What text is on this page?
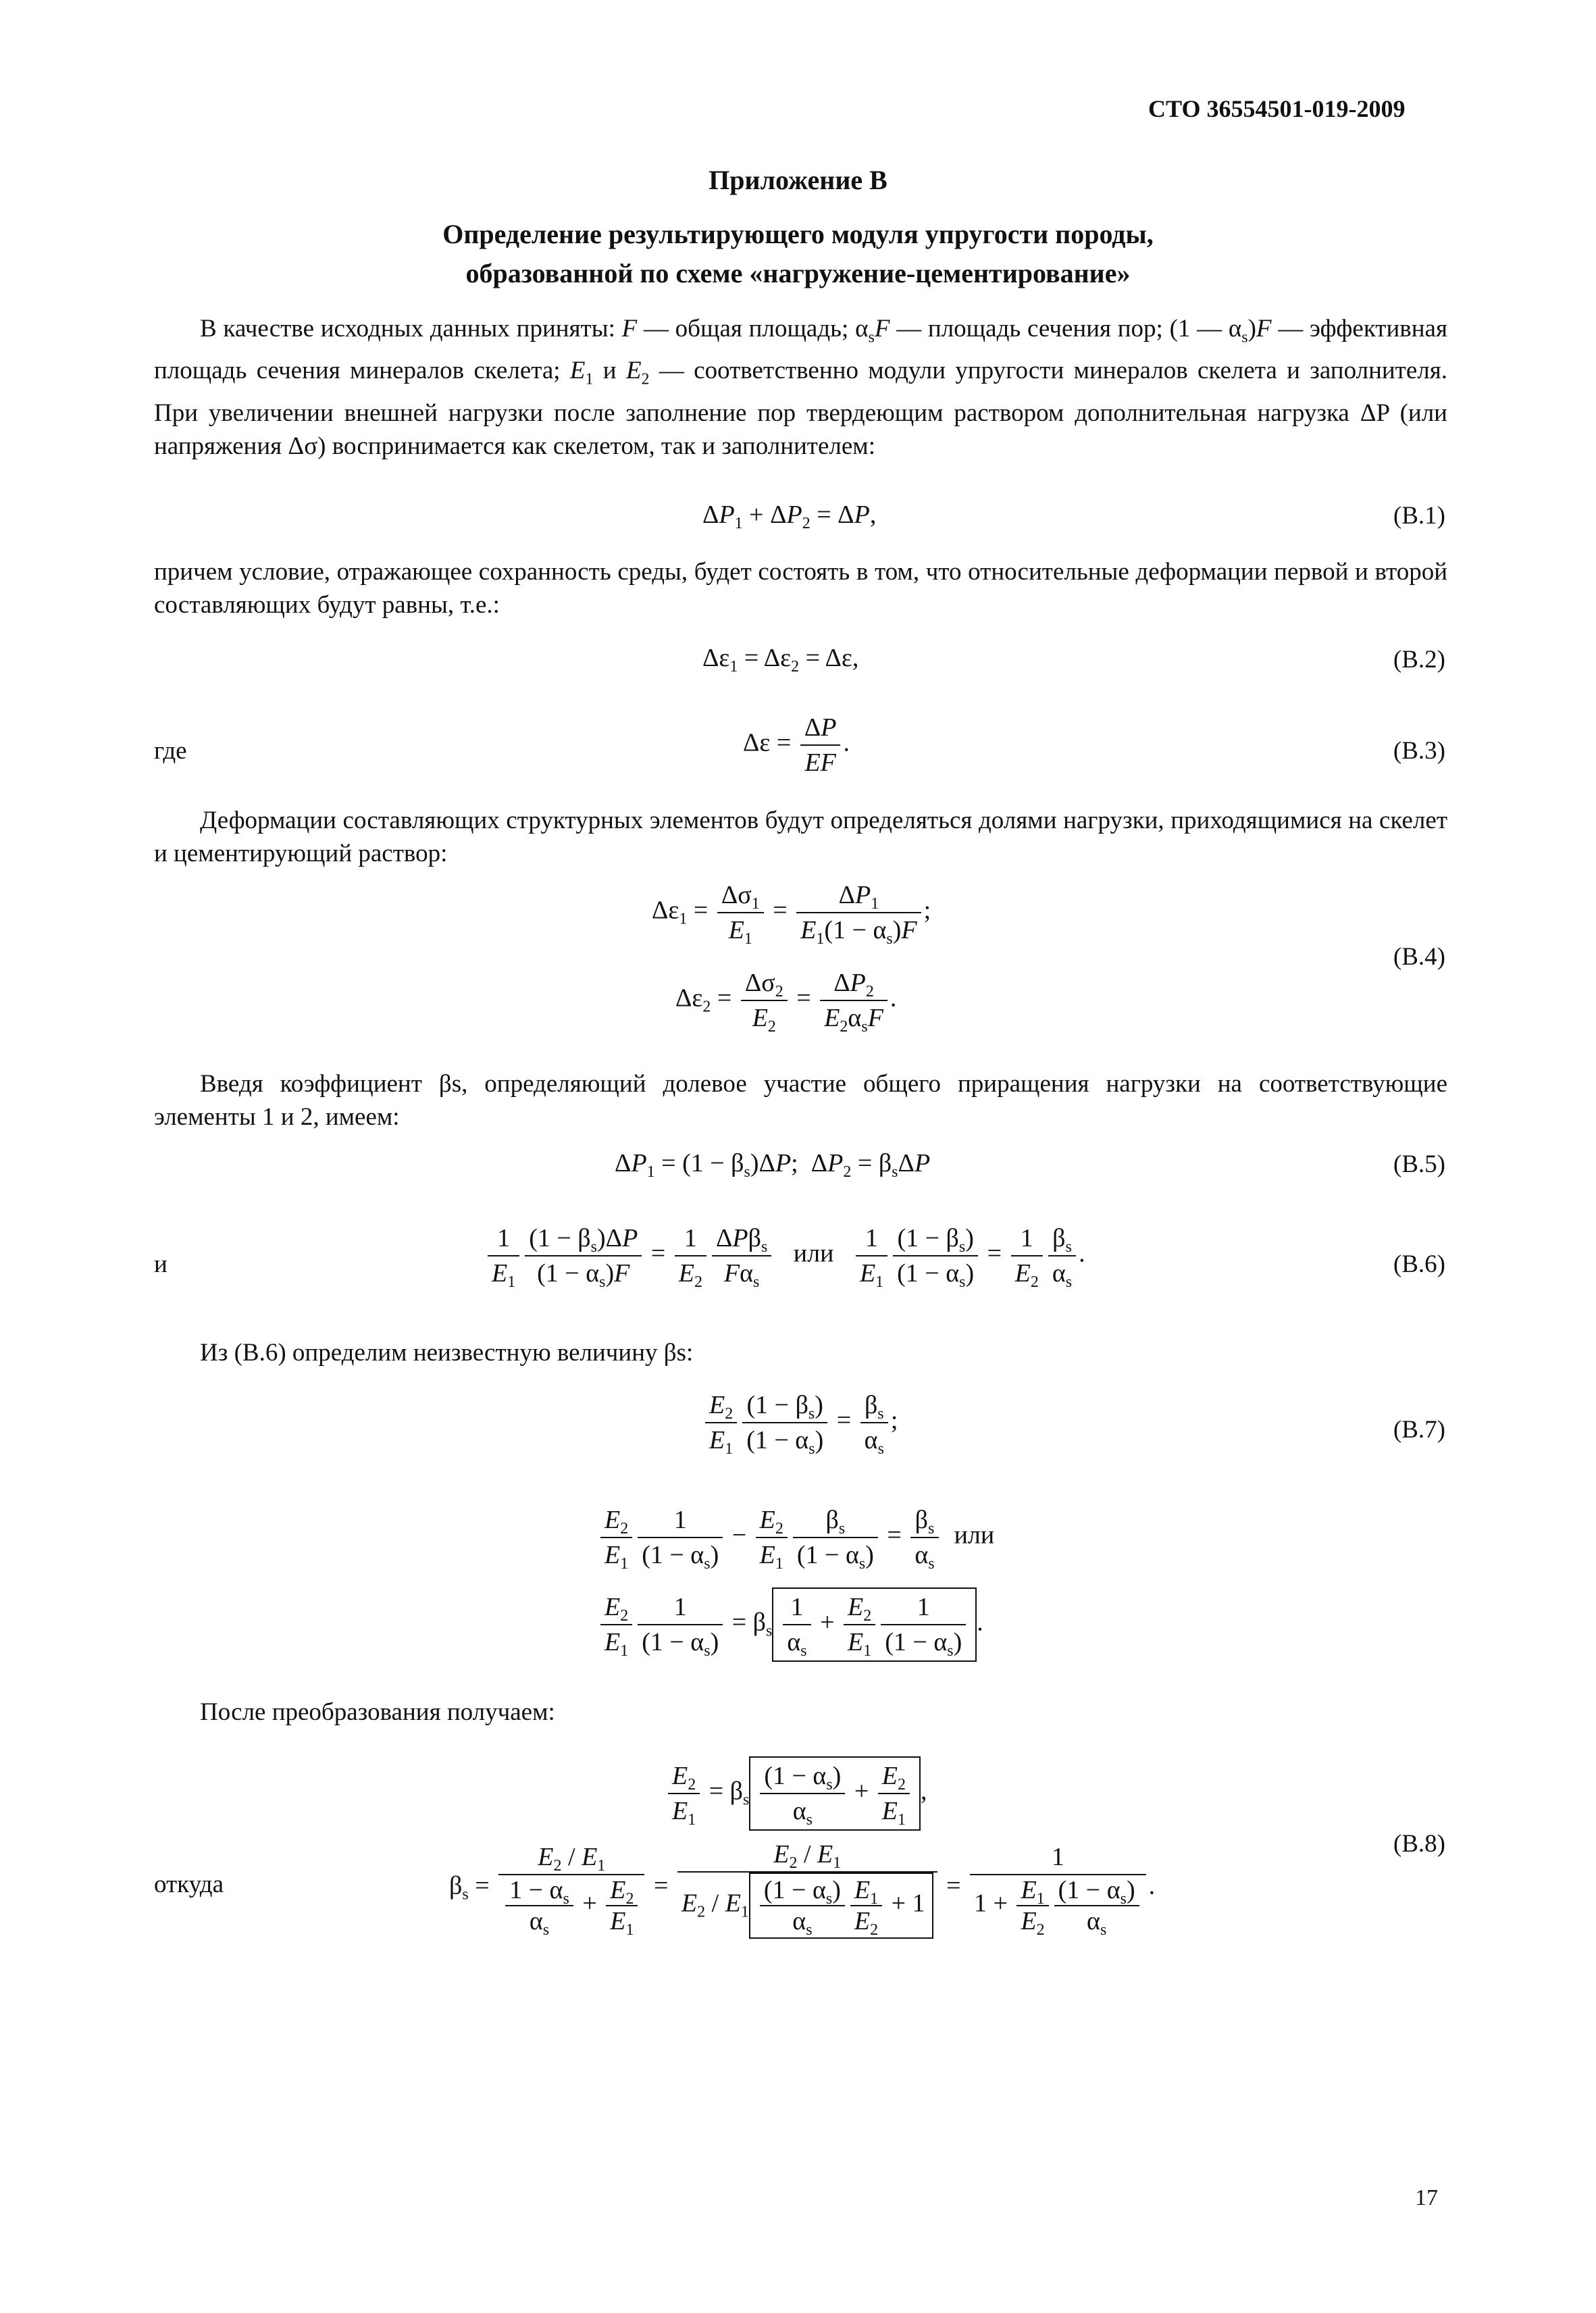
СТО 36554501-019-2009
Приложение В
Определение результирующего модуля упругости породы,
образованной по схеме «нагружение-цементирование»
В качестве исходных данных приняты: F — общая площадь; $\alpha_sF$ — площадь сечения пор; (1 — $\alpha_s)F$ — эффективная площадь сечения минералов скелета; $E_1$ и $E_2$ — соответственно модули упругости минералов скелета и заполнителя. При увеличении внешней нагрузки после заполнение пор твердеющим раствором дополнительная нагрузка ΔP (или напряжения Δσ) воспринимается как скелетом, так и заполнителем:
$\Delta P_1 + \Delta P_2 = \Delta P$,	(В.1)
причем условие, отражающее сохранность среды, будет состоять в том, что относительные деформации первой и второй составляющих будут равны, т.е.:
$\Delta\varepsilon_1 = \Delta\varepsilon_2 = \Delta\varepsilon$,	(В.2)
где	$\Delta\varepsilon = \frac{\Delta P}{EF}$ .	(В.3)
Деформации составляющих структурных элементов будут определяться долями нагрузки, приходящимися на скелет и цементирующий раствор:
$\Delta\varepsilon_1 = \frac{\Delta\sigma_1}{E_1} = \frac{\Delta P_1}{E_1(1 - \alpha_s)F}$ ;
$\Delta\varepsilon_2 = \frac{\Delta\sigma_2}{E_2} = \frac{\Delta P_2}{E_2\alpha_sF}$ .
(В.4)
Введя коэффициент βs, определяющий долевое участие общего приращения нагрузки на соответствующие элементы 1 и 2, имеем:
$\Delta P_1 = (1 - \beta_s)\Delta P$;  $\Delta P_2 = \beta_s\Delta P$	(В.5)
и	$\frac{1}{E_1} \frac{(1 - \beta_s)\Delta P}{(1 - \alpha_s)F} = \frac{1}{E_2} \frac{\Delta P\beta_s}{F\alpha_s}$ или $\frac{1}{E_1} \frac{(1 - \beta_s)}{(1 - \alpha_s)} = \frac{1}{E_2} \frac{\beta_s}{\alpha_s}$ .	(В.6)
Из (В.6) определим неизвестную величину βs:
$\frac{E_2}{E_1} \frac{(1 - \beta_s)}{(1 - \alpha_s)} = \frac{\beta_s}{\alpha_s}$ ;	(В.7)
$\frac{E_2}{E_1} \frac{1}{(1 - \alpha_s)} - \frac{E_2}{E_1} \frac{\beta_s}{(1 - \alpha_s)} = \frac{\beta_s}{\alpha_s}$ или
$\frac{E_2}{E_1} \frac{1}{(1 - \alpha_s)} = \beta_s \frac{1}{\alpha_s} + \frac{E_2}{E_1} \frac{1}{(1 - \alpha_s)}$ .
После преобразования получаем:
$\frac{E_2}{E_1} = \beta_s \frac{(1 - \alpha_s)}{\alpha_s} + \frac{E_2}{E_1}$ ,
откуда	$\beta_s = \frac{E_2 / E_1}{\frac{1 - \alpha_s}{\alpha_s} + \frac{E_2}{E_1}} = \frac{E_2 / E_1}{E_2 / E_1 \frac{(1 - \alpha_s)}{\alpha_s} \frac{E_1}{E_2} + 1} = \frac{1}{1 + \frac{E_1}{E_2} \frac{(1 - \alpha_s)}{\alpha_s}}$ .
(В.8)
17
